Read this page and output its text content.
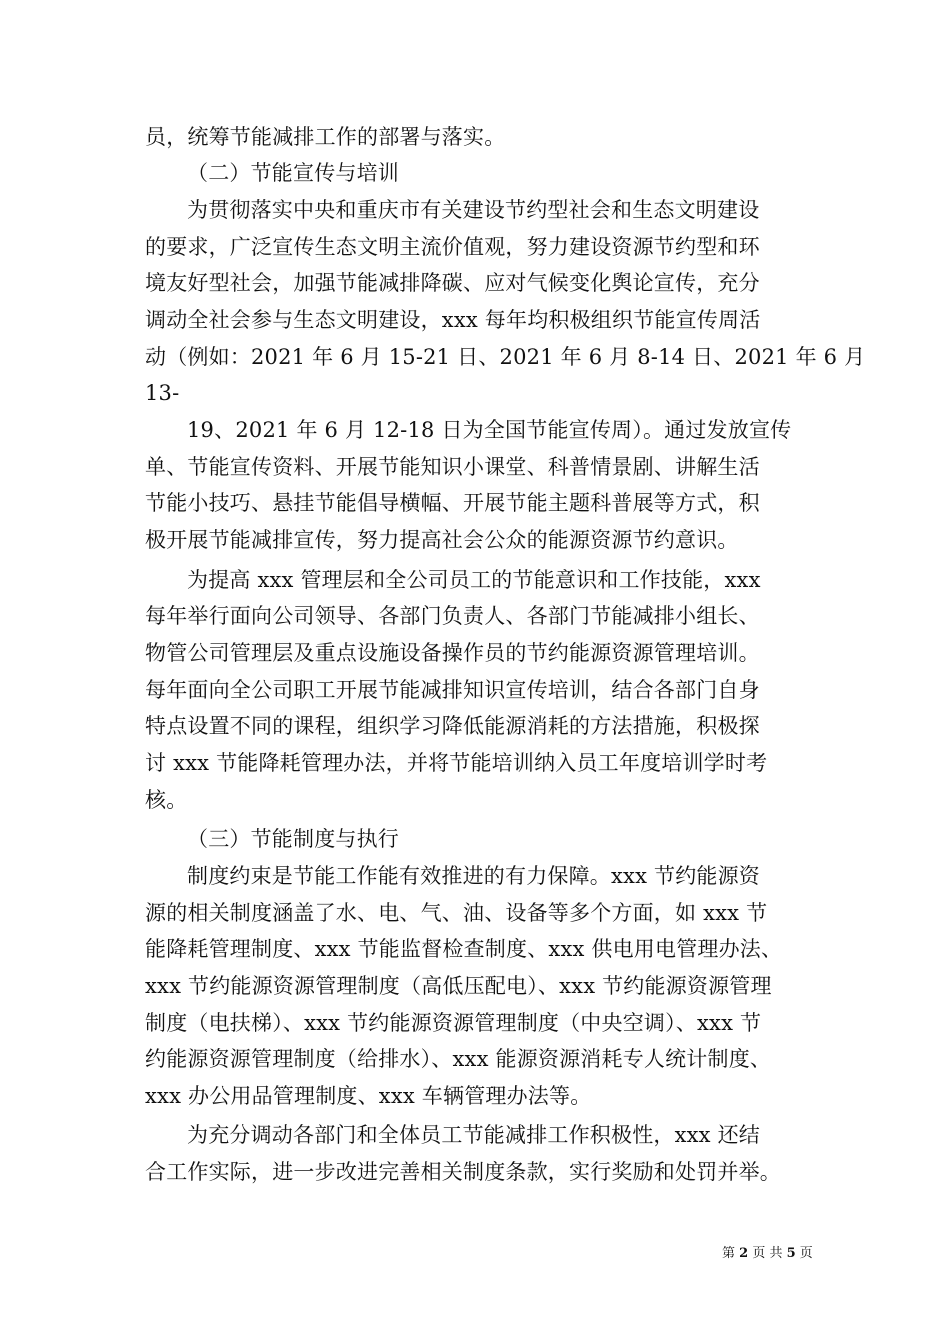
员，统筹节能减排工作的部署与落实。

（二）节能宣传与培训

为贯彻落实中央和重庆市有关建设节约型社会和生态文明建设

的要求，广泛宣传生态文明主流价值观，努力建设资源节约型和环

境友好型社会，加强节能减排降碳、应对气候变化舆论宣传，充分

调动全社会参与生态文明建设，xxx 每年均积极组织节能宣传周活

动（例如：2021 年 6 月 15-21 日、2021 年 6 月 8-14 日、2021 年 6 月

13-

19、2021 年 6 月 12-18 日为全国节能宣传周）。通过发放宣传

单、节能宣传资料、开展节能知识小课堂、科普情景剧、讲解生活

节能小技巧、悬挂节能倡导横幅、开展节能主题科普展等方式，积

极开展节能减排宣传，努力提高社会公众的能源资源节约意识。

为提高 xxx 管理层和全公司员工的节能意识和工作技能，xxx

每年举行面向公司领导、各部门负责人、各部门节能减排小组长、

物管公司管理层及重点设施设备操作员的节约能源资源管理培训。

每年面向全公司职工开展节能减排知识宣传培训，结合各部门自身

特点设置不同的课程，组织学习降低能源消耗的方法措施，积极探

讨 xxx 节能降耗管理办法，并将节能培训纳入员工年度培训学时考

核。

（三）节能制度与执行

制度约束是节能工作能有效推进的有力保障。xxx 节约能源资

源的相关制度涵盖了水、电、气、油、设备等多个方面，如 xxx 节

能降耗管理制度、xxx 节能监督检查制度、xxx 供电用电管理办法、

xxx 节约能源资源管理制度（高低压配电）、xxx 节约能源资源管理

制度（电扶梯）、xxx 节约能源资源管理制度（中央空调）、xxx 节

约能源资源管理制度（给排水）、xxx 能源资源消耗专人统计制度、

xxx 办公用品管理制度、xxx 车辆管理办法等。

为充分调动各部门和全体员工节能减排工作积极性，xxx 还结

合工作实际，进一步改进完善相关制度条款，实行奖励和处罚并举。

第 2 页 共 5 页
